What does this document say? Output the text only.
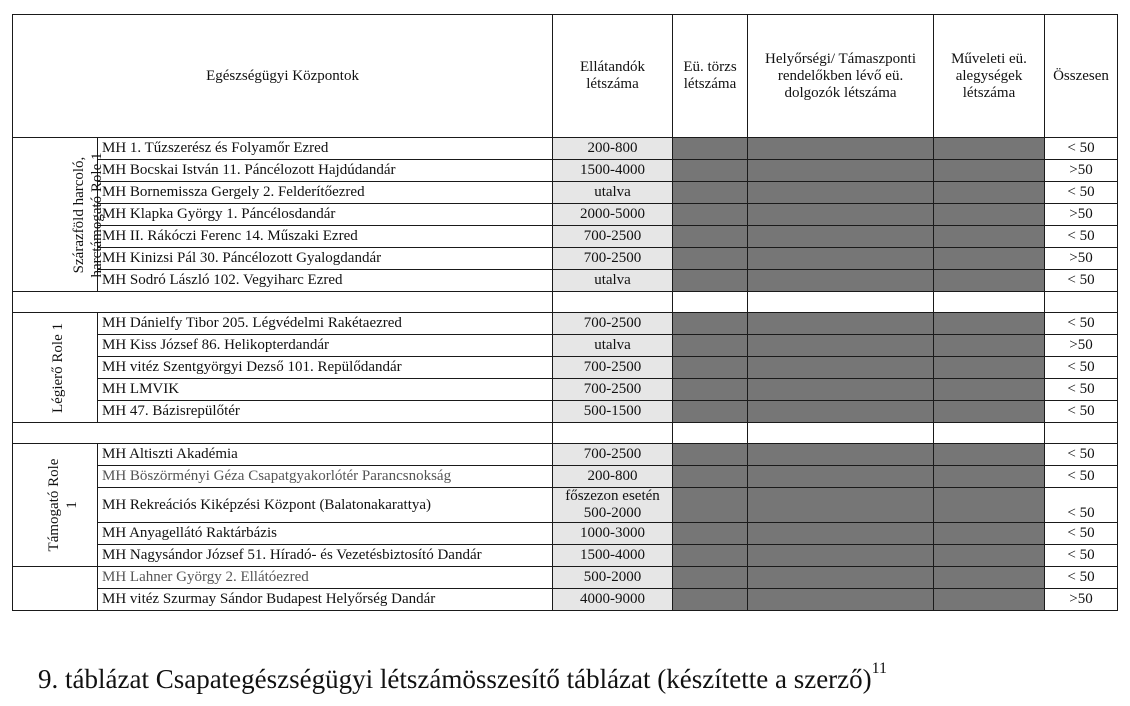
Egészségügyi Központok		Ellátandók létszáma	Eü. törzs létszáma	Helyőrségi/ Támaszponti rendelőkben lévő eü. dolgozók létszáma	Műveleti eü. alegységek létszáma	Összesen
Szárazföld harcoló, harctámogató Role 1	MH 1. Tűzszerész és Folyamőr Ezred	200-800				< 50
	MH Bocskai István 11. Páncélozott Hajdúdandár	1500-4000				>50
	MH Bornemissza Gergely 2. Felderítőezred	utalva				< 50
	MH Klapka György 1. Páncélosdandár	2000-5000				>50
	MH II. Rákóczi Ferenc 14. Műszaki Ezred	700-2500				< 50
	MH Kinizsi Pál 30. Páncélozott Gyalogdandár	700-2500				>50
	MH Sodró László 102. Vegyiharc Ezred	utalva				< 50

Légierő Role 1	MH Dánielfy Tibor 205. Légvédelmi Rakétaezred	700-2500				< 50
	MH Kiss József 86. Helikopterdandár	utalva				>50
	MH vitéz Szentgyörgyi Dezső 101. Repülődandár	700-2500				< 50
	MH LMVIK	700-2500				< 50
	MH 47. Bázisrepülőtér	500-1500				< 50

Támogató Role 1	MH Altiszti Akadémia	700-2500				< 50
	MH Böszörményi Géza Csapatgyakorlótér Parancsnokság	200-800				< 50
	MH Rekreációs Kiképzési Központ (Balatonakarattya)	főszezon esetén
500-2000				< 50
	MH Anyagellátó Raktárbázis	1000-3000				< 50
	MH Nagysándor József 51. Híradó- és Vezetésbiztosító Dandár	1500-4000				< 50
	MH Lahner György 2. Ellátóezred	500-2000				< 50
	MH vitéz Szurmay Sándor Budapest Helyőrség Dandár	4000-9000				>50
9. táblázat Csapategészségügyi létszámösszesítő táblázat (készítette a szerző)$^{11}$
